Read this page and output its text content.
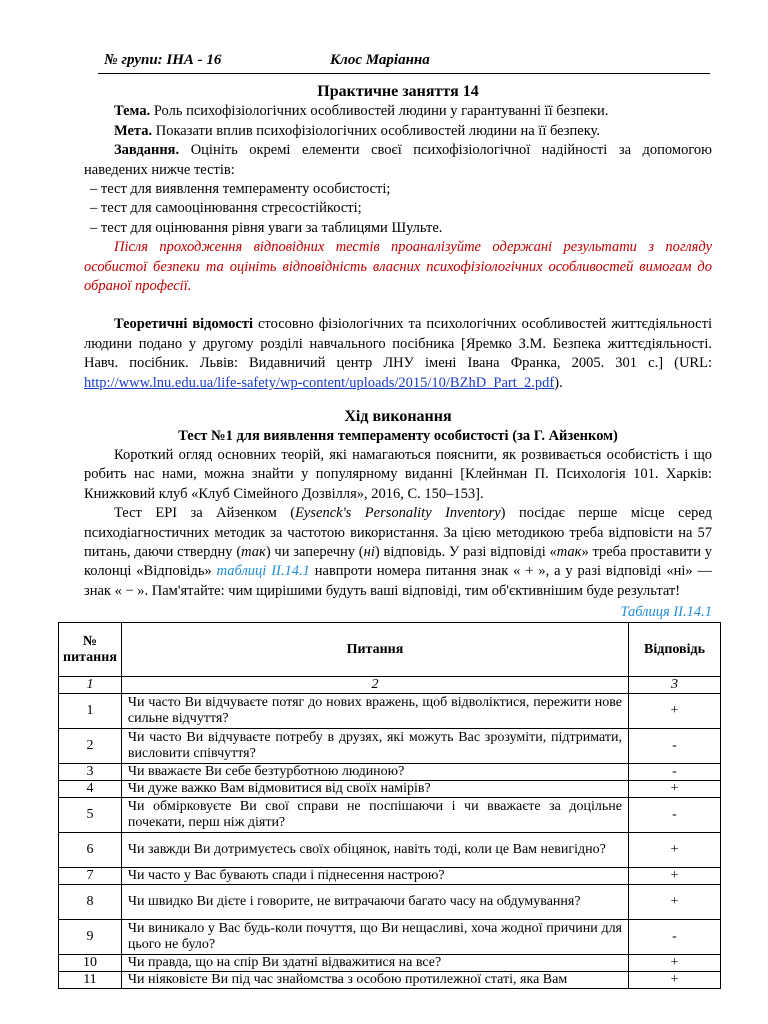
№ групи: ІНА - 16	Клос Маріанна
Практичне заняття 14

Тема. Роль психофізіологічних особливостей людини у гарантуванні її безпеки.

Мета. Показати вплив психофізіологічних особливостей людини на її безпеку.

Завдання. Оцініть окремі елементи своєї психофізіологічної надійності за допомогою наведених нижче тестів:

– тест для виявлення темпераменту особистості;
– тест для самооцінювання стресостійкості;
– тест для оцінювання рівня уваги за таблицями Шульте.

Після проходження відповідних тестів проаналізуйте одержані результати з погляду особистої безпеки та оцініть відповідність власних психофізіологічних особливостей вимогам до обраної професії.

Теоретичні відомості стосовно фізіологічних та психологічних особливостей життєдіяльності людини подано у другому розділі навчального посібника [Яремко З.М. Безпека життєдіяльності. Навч. посібник. Львів: Видавничий центр ЛНУ імені Івана Франка, 2005. 301 с.] (URL: http://www.lnu.edu.ua/life-safety/wp-content/uploads/2015/10/BZhD_Part_2.pdf).

Хід виконання
Тест №1 для виявлення темпераменту особистості (за Г. Айзенком)

Короткий огляд основних теорій, які намагаються пояснити, як розвивається особистість і що робить нас нами, можна знайти у популярному виданні [Клейнман П. Психологія 101. Харків: Книжковий клуб «Клуб Сімейного Дозвілля», 2016, С. 150–153].

Тест EPI за Айзенком (Eysenck's Personality Inventory) посідає перше місце серед психодіагностичних методик за частотою використання. За цією методикою треба відповісти на 57 питань, даючи ствердну (так) чи заперечну (ні) відповідь. У разі відповіді «так» треба проставити у колонці «Відповідь» таблиці ІІ.14.1 навпроти номера питання знак « + », а у разі відповіді «ні» — знак « − ». Пам'ятайте: чим щирішими будуть ваші відповіді, тим об'єктивнішим буде результат!

Таблиця ІІ.14.1
№ питання	Питання	Відповідь
1	2	3
1	Чи часто Ви відчуваєте потяг до нових вражень, щоб відволіктися, пережити нове сильне відчуття?	+
2	Чи часто Ви відчуваєте потребу в друзях, які можуть Вас зрозуміти, підтримати, висловити співчуття?	-
3	Чи вважаєте Ви себе безтурботною людиною?	-
4	Чи дуже важко Вам відмовитися від своїх намірів?	+
5	Чи обмірковуєте Ви свої справи не поспішаючи і чи вважаєте за доцільне почекати, перш ніж діяти?	-
6	Чи завжди Ви дотримуєтесь своїх обіцянок, навіть тоді, коли це Вам невигідно?	+
7	Чи часто у Вас бувають спади і піднесення настрою?	+
8	Чи швидко Ви дієте і говорите, не витрачаючи багато часу на обдумування?	+
9	Чи виникало у Вас будь-коли почуття, що Ви нещасливі, хоча жодної причини для цього не було?	-
10	Чи правда, що на спір Ви здатні відважитися на все?	+
11	Чи ніяковієте Ви під час знайомства з особою протилежної статі, яка Вам	+
